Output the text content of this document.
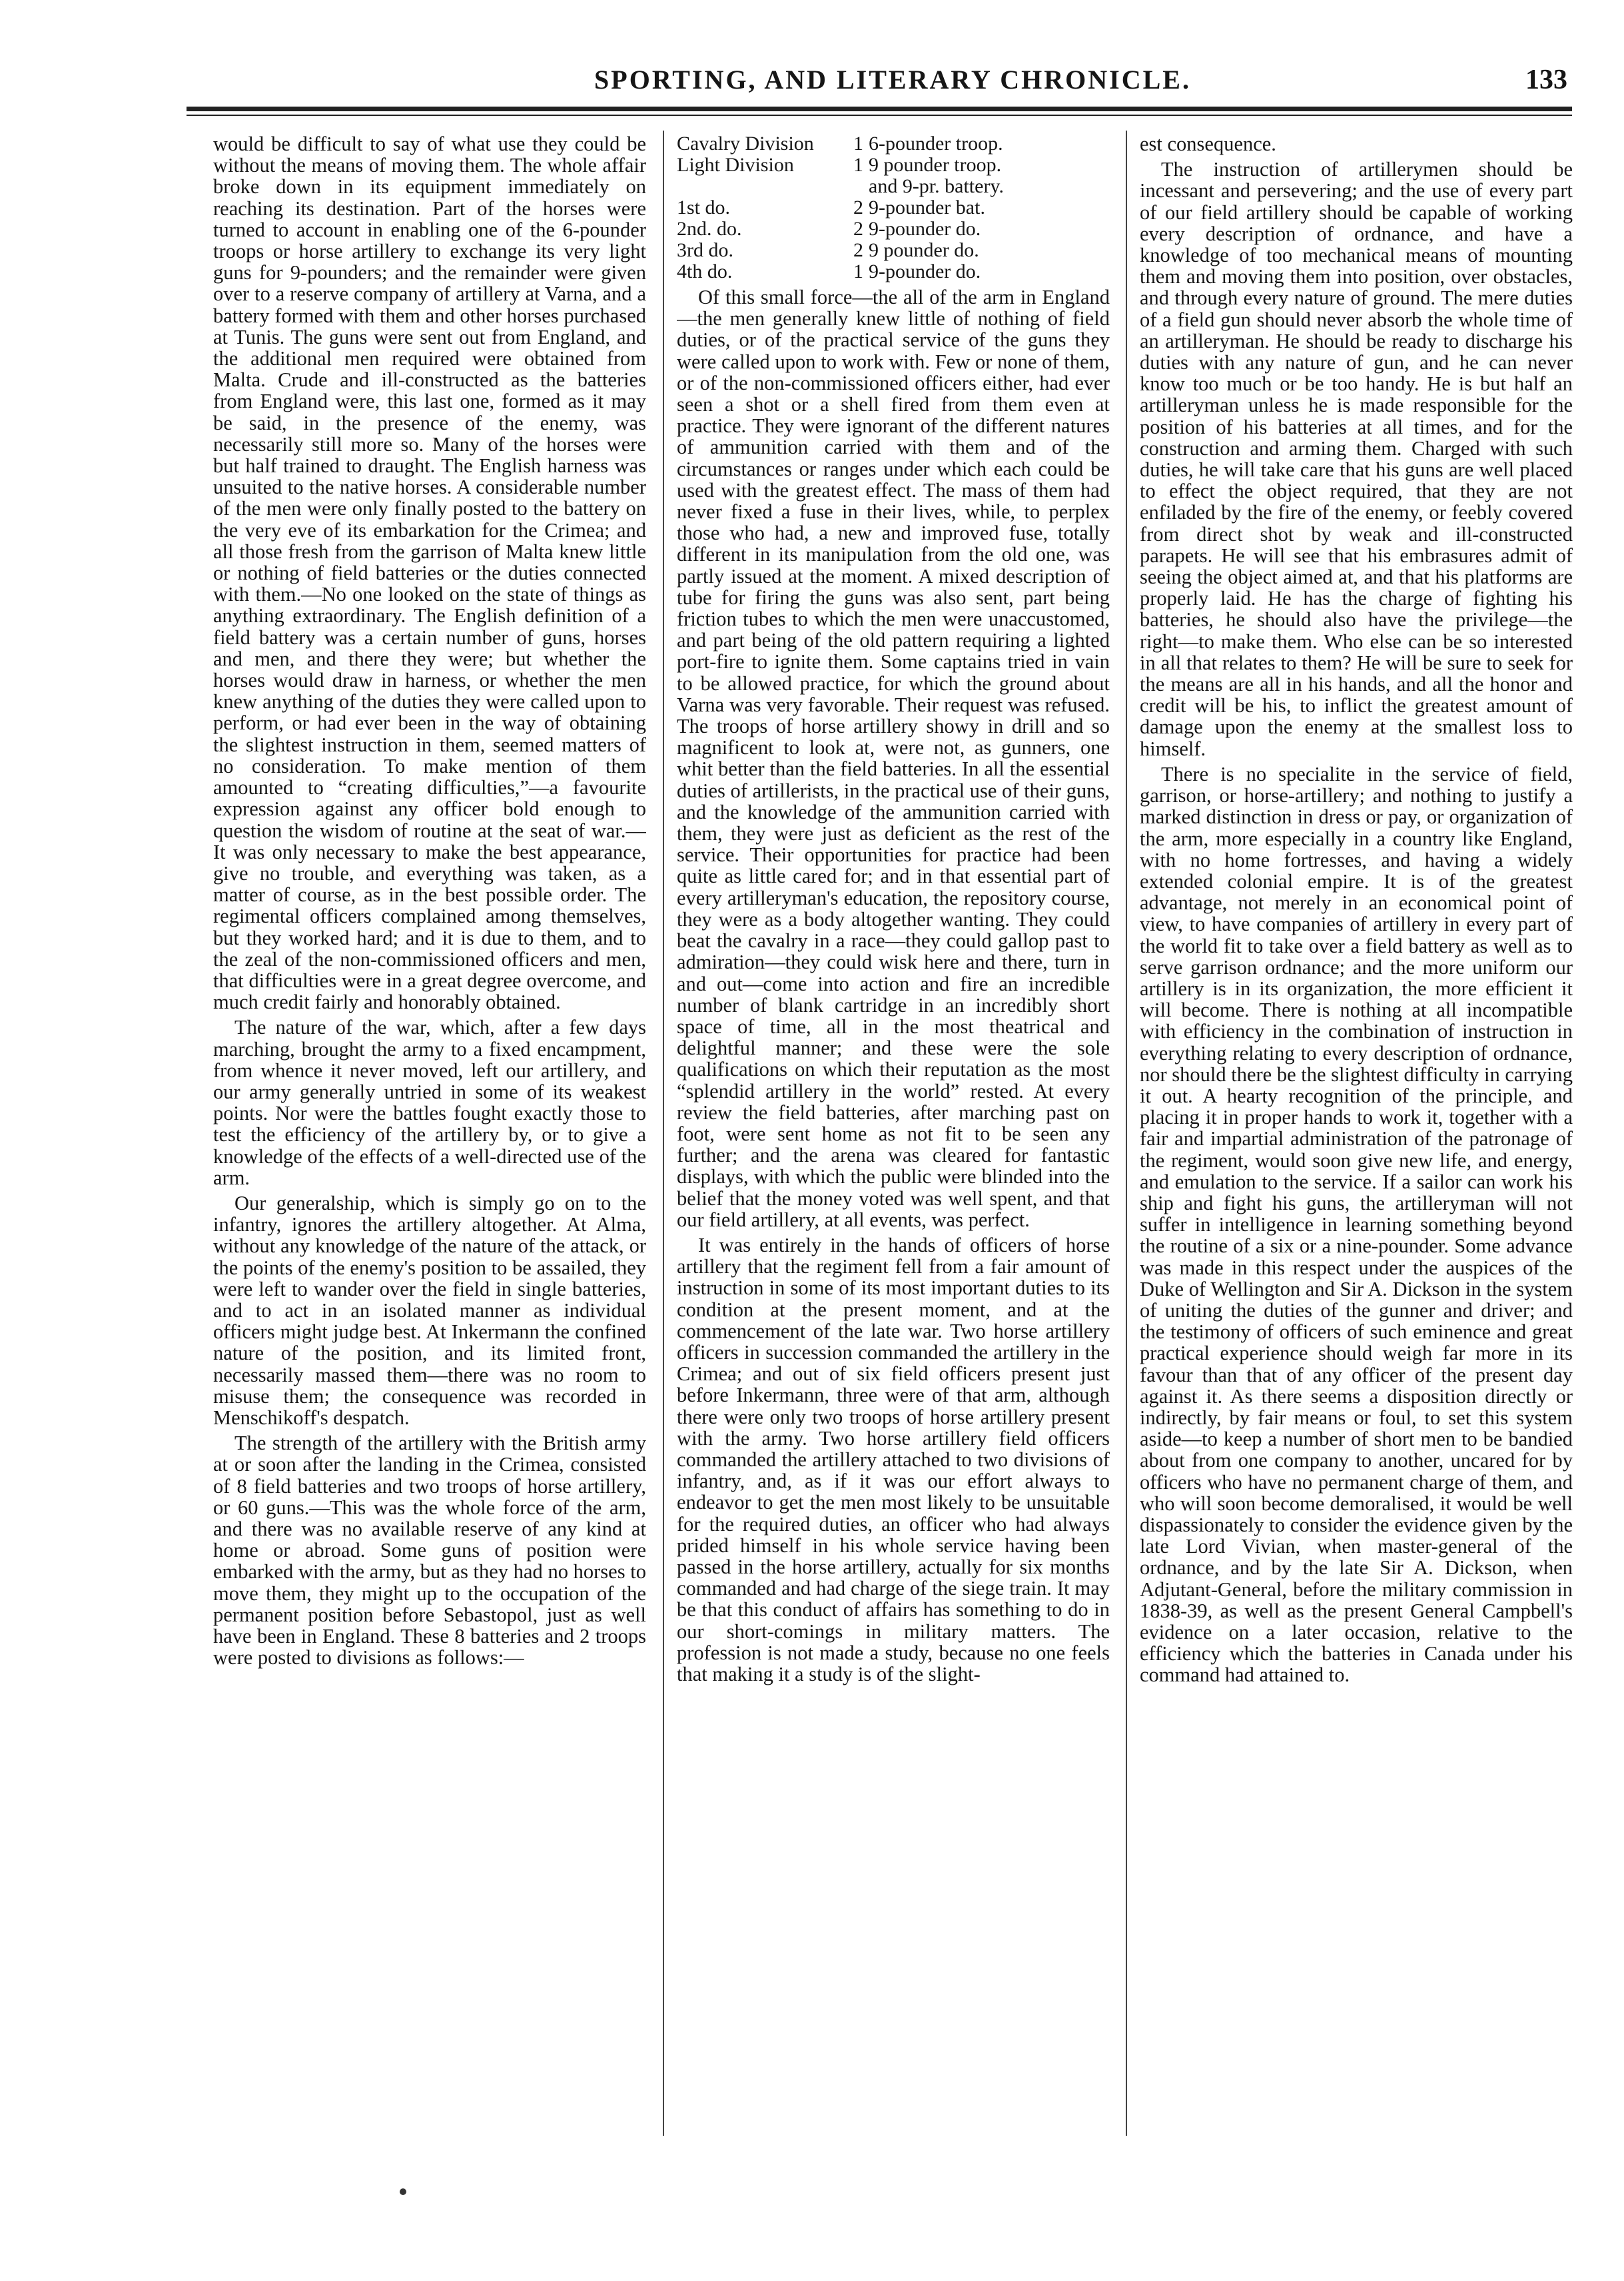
SPORTING, AND LITERARY CHRONICLE.	133

would be difficult to say of what use they could be without the means of moving them. The whole affair broke down in its equipment immediately on reaching its destination. Part of the horses were turned to account in enabling one of the 6-pounder troops or horse artillery to exchange its very light guns for 9-pounders; and the remainder were given over to a reserve company of artillery at Varna, and a battery formed with them and other horses purchased at Tunis. The guns were sent out from England, and the additional men required were obtained from Malta. Crude and ill-constructed as the batteries from England were, this last one, formed as it may be said, in the presence of the enemy, was necessarily still more so. Many of the horses were but half trained to draught. The English harness was unsuited to the native horses. A considerable number of the men were only finally posted to the battery on the very eve of its embarkation for the Crimea; and all those fresh from the garrison of Malta knew little or nothing of field batteries or the duties connected with them.—No one looked on the state of things as anything extraordinary. The English definition of a field battery was a certain number of guns, horses and men, and there they were; but whether the horses would draw in harness, or whether the men knew anything of the duties they were called upon to perform, or had ever been in the way of obtaining the slightest instruction in them, seemed matters of no consideration. To make mention of them amounted to “creating difficulties,”—a favourite expression against any officer bold enough to question the wisdom of routine at the seat of war.—It was only necessary to make the best appearance, give no trouble, and everything was taken, as a matter of course, as in the best possible order. The regimental officers complained among themselves, but they worked hard; and it is due to them, and to the zeal of the non-commissioned officers and men, that difficulties were in a great degree overcome, and much credit fairly and honorably obtained.

The nature of the war, which, after a few days marching, brought the army to a fixed encampment, from whence it never moved, left our artillery, and our army generally untried in some of its weakest points. Nor were the battles fought exactly those to test the efficiency of the artillery by, or to give a knowledge of the effects of a well-directed use of the arm.

Our generalship, which is simply go on to the infantry, ignores the artillery altogether. At Alma, without any knowledge of the nature of the attack, or the points of the enemy's position to be assailed, they were left to wander over the field in single batteries, and to act in an isolated manner as individual officers might judge best. At Inkermann the confined nature of the position, and its limited front, necessarily massed them—there was no room to misuse them; the consequence was recorded in Menschikoff's despatch.

The strength of the artillery with the British army at or soon after the landing in the Crimea, consisted of 8 field batteries and two troops of horse artillery, or 60 guns.—This was the whole force of the arm, and there was no available reserve of any kind at home or abroad. Some guns of position were embarked with the army, but as they had no horses to move them, they might up to the occupation of the permanent position before Sebastopol, just as well have been in England. These 8 batteries and 2 troops were posted to divisions as follows:—

Cavalry Division	1	6-pounder troop.
Light Division	1	9 pounder troop.
		and 9-pr. battery.
1st do.	2	9-pounder bat.
2nd. do.	2	9-pounder do.
3rd do.	2	9 pounder do.
4th do.	1	9-pounder do.

Of this small force—the all of the arm in England—the men generally knew little of nothing of field duties, or of the practical service of the guns they were called upon to work with. Few or none of them, or of the non-commissioned officers either, had ever seen a shot or a shell fired from them even at practice. They were ignorant of the different natures of ammunition carried with them and of the circumstances or ranges under which each could be used with the greatest effect. The mass of them had never fixed a fuse in their lives, while, to perplex those who had, a new and improved fuse, totally different in its manipulation from the old one, was partly issued at the moment. A mixed description of tube for firing the guns was also sent, part being friction tubes to which the men were unaccustomed, and part being of the old pattern requiring a lighted port-fire to ignite them. Some captains tried in vain to be allowed practice, for which the ground about Varna was very favorable. Their request was refused. The troops of horse artillery showy in drill and so magnificent to look at, were not, as gunners, one whit better than the field batteries. In all the essential duties of artillerists, in the practical use of their guns, and the knowledge of the ammunition carried with them, they were just as deficient as the rest of the service. Their opportunities for practice had been quite as little cared for; and in that essential part of every artilleryman's education, the repository course, they were as a body altogether wanting. They could beat the cavalry in a race—they could gallop past to admiration—they could wisk here and there, turn in and out—come into action and fire an incredible number of blank cartridge in an incredibly short space of time, all in the most theatrical and delightful manner; and these were the sole qualifications on which their reputation as the most “splendid artillery in the world” rested. At every review the field batteries, after marching past on foot, were sent home as not fit to be seen any further; and the arena was cleared for fantastic displays, with which the public were blinded into the belief that the money voted was well spent, and that our field artillery, at all events, was perfect.

It was entirely in the hands of officers of horse artillery that the regiment fell from a fair amount of instruction in some of its most important duties to its condition at the present moment, and at the commencement of the late war. Two horse artillery officers in succession commanded the artillery in the Crimea; and out of six field officers present just before Inkermann, three were of that arm, although there were only two troops of horse artillery present with the army. Two horse artillery field officers commanded the artillery attached to two divisions of infantry, and, as if it was our effort always to endeavor to get the men most likely to be unsuitable for the required duties, an officer who had always prided himself in his whole service having been passed in the horse artillery, actually for six months commanded and had charge of the siege train. It may be that this conduct of affairs has something to do in our short-comings in military matters. The profession is not made a study, because no one feels that making it a study is of the slight-

est consequence.

The instruction of artillerymen should be incessant and persevering; and the use of every part of our field artillery should be capable of working every description of ordnance, and have a knowledge of too mechanical means of mounting them and moving them into position, over obstacles, and through every nature of ground. The mere duties of a field gun should never absorb the whole time of an artilleryman. He should be ready to discharge his duties with any nature of gun, and he can never know too much or be too handy. He is but half an artilleryman unless he is made responsible for the position of his batteries at all times, and for the construction and arming them. Charged with such duties, he will take care that his guns are well placed to effect the object required, that they are not enfiladed by the fire of the enemy, or feebly covered from direct shot by weak and ill-constructed parapets. He will see that his embrasures admit of seeing the object aimed at, and that his platforms are properly laid. He has the charge of fighting his batteries, he should also have the privilege—the right—to make them. Who else can be so interested in all that relates to them? He will be sure to seek for the means are all in his hands, and all the honor and credit will be his, to inflict the greatest amount of damage upon the enemy at the smallest loss to himself.

There is no specialite in the service of field, garrison, or horse-artillery; and nothing to justify a marked distinction in dress or pay, or organization of the arm, more especially in a country like England, with no home fortresses, and having a widely extended colonial empire. It is of the greatest advantage, not merely in an economical point of view, to have companies of artillery in every part of the world fit to take over a field battery as well as to serve garrison ordnance; and the more uniform our artillery is in its organization, the more efficient it will become. There is nothing at all incompatible with efficiency in the combination of instruction in everything relating to every description of ordnance, nor should there be the slightest difficulty in carrying it out. A hearty recognition of the principle, and placing it in proper hands to work it, together with a fair and impartial administration of the patronage of the regiment, would soon give new life, and energy, and emulation to the service. If a sailor can work his ship and fight his guns, the artilleryman will not suffer in intelligence in learning something beyond the routine of a six or a nine-pounder. Some advance was made in this respect under the auspices of the Duke of Wellington and Sir A. Dickson in the system of uniting the duties of the gunner and driver; and the testimony of officers of such eminence and great practical experience should weigh far more in its favour than that of any officer of the present day against it. As there seems a disposition directly or indirectly, by fair means or foul, to set this system aside—to keep a number of short men to be bandied about from one company to another, uncared for by officers who have no permanent charge of them, and who will soon become demoralised, it would be well dispassionately to consider the evidence given by the late Lord Vivian, when master-general of the ordnance, and by the late Sir A. Dickson, when Adjutant-General, before the military commission in 1838-39, as well as the present General Campbell's evidence on a later occasion, relative to the efficiency which the batteries in Canada under his command had attained to.
